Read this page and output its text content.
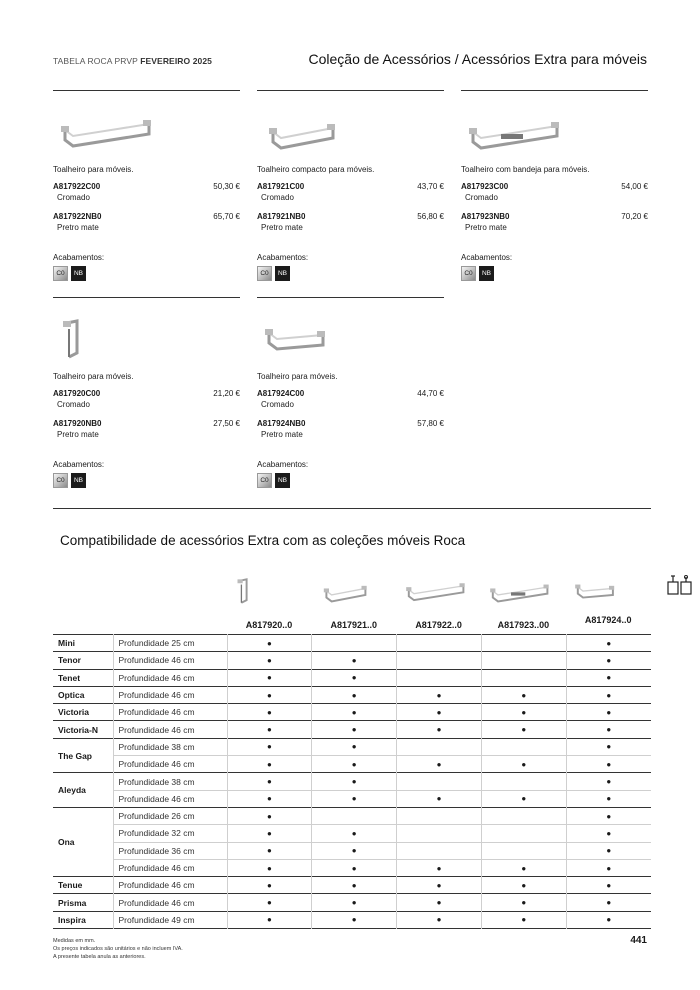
TABELA ROCA PRVP FEVEREIRO 2025	Coleção de Acessórios / Acessórios Extra para móveis
Toalheiro para móveis.
A817922C00	50,30 €
Cromado
A817922NB0	65,70 €
Pretro mate
Acabamentos:
C0	NB
Toalheiro compacto para móveis.
A817921C00	43,70 €
Cromado
A817921NB0	56,80 €
Pretro mate
Acabamentos:
C0	NB
Toalheiro com bandeja para móveis.
A817923C00	54,00 €
Cromado
A817923NB0	70,20 €
Pretro mate
Acabamentos:
C0	NB
Toalheiro para móveis.
A817920C00	21,20 €
Cromado
A817920NB0	27,50 €
Pretro mate
Acabamentos:
C0	NB
Toalheiro para móveis.
A817924C00	44,70 €
Cromado
A817924NB0	57,80 €
Pretro mate
Acabamentos:
C0	NB
Compatibilidade de acessórios Extra com as coleções móveis Roca
A817920..0	A817921..0	A817922..0	A817923..00	A817924..0
Mini	Profundidade 25 cm	●				●
Tenor	Profundidade 46 cm	●	●			●
Tenet	Profundidade 46 cm	●	●			●
Optica	Profundidade 46 cm	●	●	●	●	●
Victoria	Profundidade 46 cm	●	●	●	●	●
Victoria-N	Profundidade 46 cm	●	●	●	●	●
The Gap	Profundidade 38 cm	●	●			●
	Profundidade 46 cm	●	●	●	●	●
Aleyda	Profundidade 38 cm	●	●			●
	Profundidade 46 cm	●	●	●	●	●
Ona	Profundidade 26 cm	●				●
	Profundidade 32 cm	●	●			●
	Profundidade 36 cm	●	●			●
	Profundidade 46 cm	●	●	●	●	●
Tenue	Profundidade 46 cm	●	●	●	●	●
Prisma	Profundidade 46 cm	●	●	●	●	●
Inspira	Profundidade 49 cm	●	●	●	●	●
Medidas em mm.
Os preços indicados são unitários e não incluem IVA.
A presente tabela anula as anteriores.
441
